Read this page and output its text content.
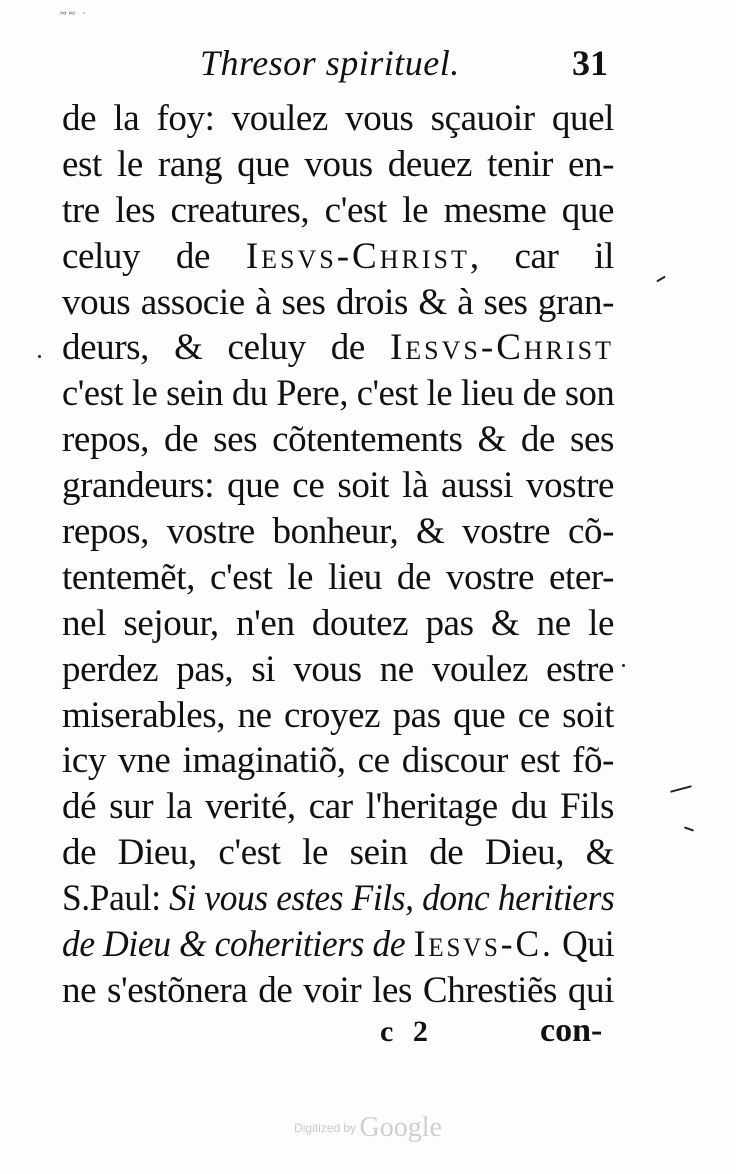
≈≈ ·
Thresor spirituel.	31
de la foy: voulez vous sçauoir quel
est le rang que vous deuez tenir en-
tre les creatures, c'est le mesme que
celuy de Iesvs-Christ, car il
vous associe à ses drois & à ses gran-
deurs, & celuy de Iesvs-Christ
c'est le sein du Pere, c'est le lieu de son
repos, de ses cõtentements & de ses
grandeurs: que ce soit là aussi vostre
repos, vostre bonheur, & vostre cõ-
tentemẽt, c'est le lieu de vostre eter-
nel sejour, n'en doutez pas & ne le
perdez pas, si vous ne voulez estre
miserables, ne croyez pas que ce soit
icy vne imaginatiõ, ce discour est fõ-
dé sur la verité, car l'heritage du Fils
de Dieu, c'est le sein de Dieu, &
S.Paul: Si vous estes Fils, donc heritiers
de Dieu & coheritiers de Iesvs-C. Qui
ne s'estõnera de voir les Chrestiẽs qui
c 2	con-
Digitized by Google
